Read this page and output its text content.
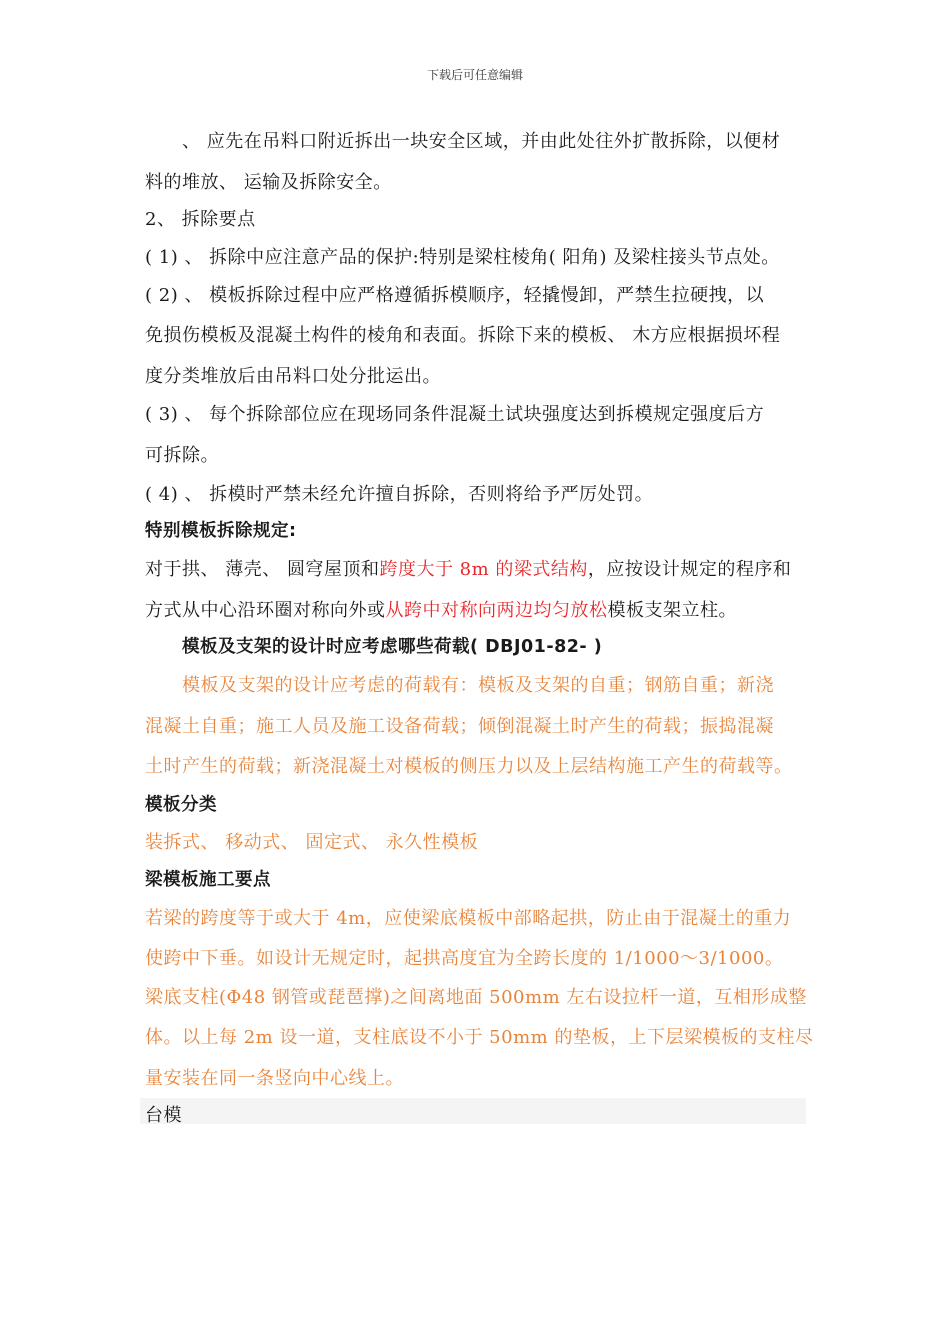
下载后可任意编辑
、 应先在吊料口附近拆出一块安全区域，并由此处往外扩散拆除，以便材
料的堆放、 运输及拆除安全。
2、 拆除要点
( 1) 、 拆除中应注意产品的保护:特别是梁柱棱角( 阳角) 及梁柱接头节点处。
( 2) 、 模板拆除过程中应严格遵循拆模顺序，轻撬慢卸，严禁生拉硬拽，以
免损伤模板及混凝土构件的棱角和表面。拆除下来的模板、 木方应根据损坏程
度分类堆放后由吊料口处分批运出。
( 3) 、 每个拆除部位应在现场同条件混凝土试块强度达到拆模规定强度后方
可拆除。
( 4) 、 拆模时严禁未经允许擅自拆除，否则将给予严厉处罚。
特别模板拆除规定:
对于拱、 薄壳、 圆穹屋顶和跨度大于 8m 的梁式结构，应按设计规定的程序和
方式从中心沿环圈对称向外或从跨中对称向两边均匀放松模板支架立柱。
模板及支架的设计时应考虑哪些荷载( DBJ01-82- )
模板及支架的设计应考虑的荷载有：模板及支架的自重；钢筋自重；新浇
混凝土自重；施工人员及施工设备荷载；倾倒混凝土时产生的荷载；振捣混凝
土时产生的荷载；新浇混凝土对模板的侧压力以及上层结构施工产生的荷载等。
模板分类
装拆式、 移动式、 固定式、 永久性模板
梁模板施工要点
若梁的跨度等于或大于 4m，应使梁底模板中部略起拱，防止由于混凝土的重力
使跨中下垂。如设计无规定时，起拱高度宜为全跨长度的 1/1000～3/1000。
梁底支柱(Φ48 钢管或琵琶撑)之间离地面 500mm 左右设拉杆一道，互相形成整
体。以上每 2m 设一道，支柱底设不小于 50mm 的垫板，上下层梁模板的支柱尽
量安装在同一条竖向中心线上。
台模
